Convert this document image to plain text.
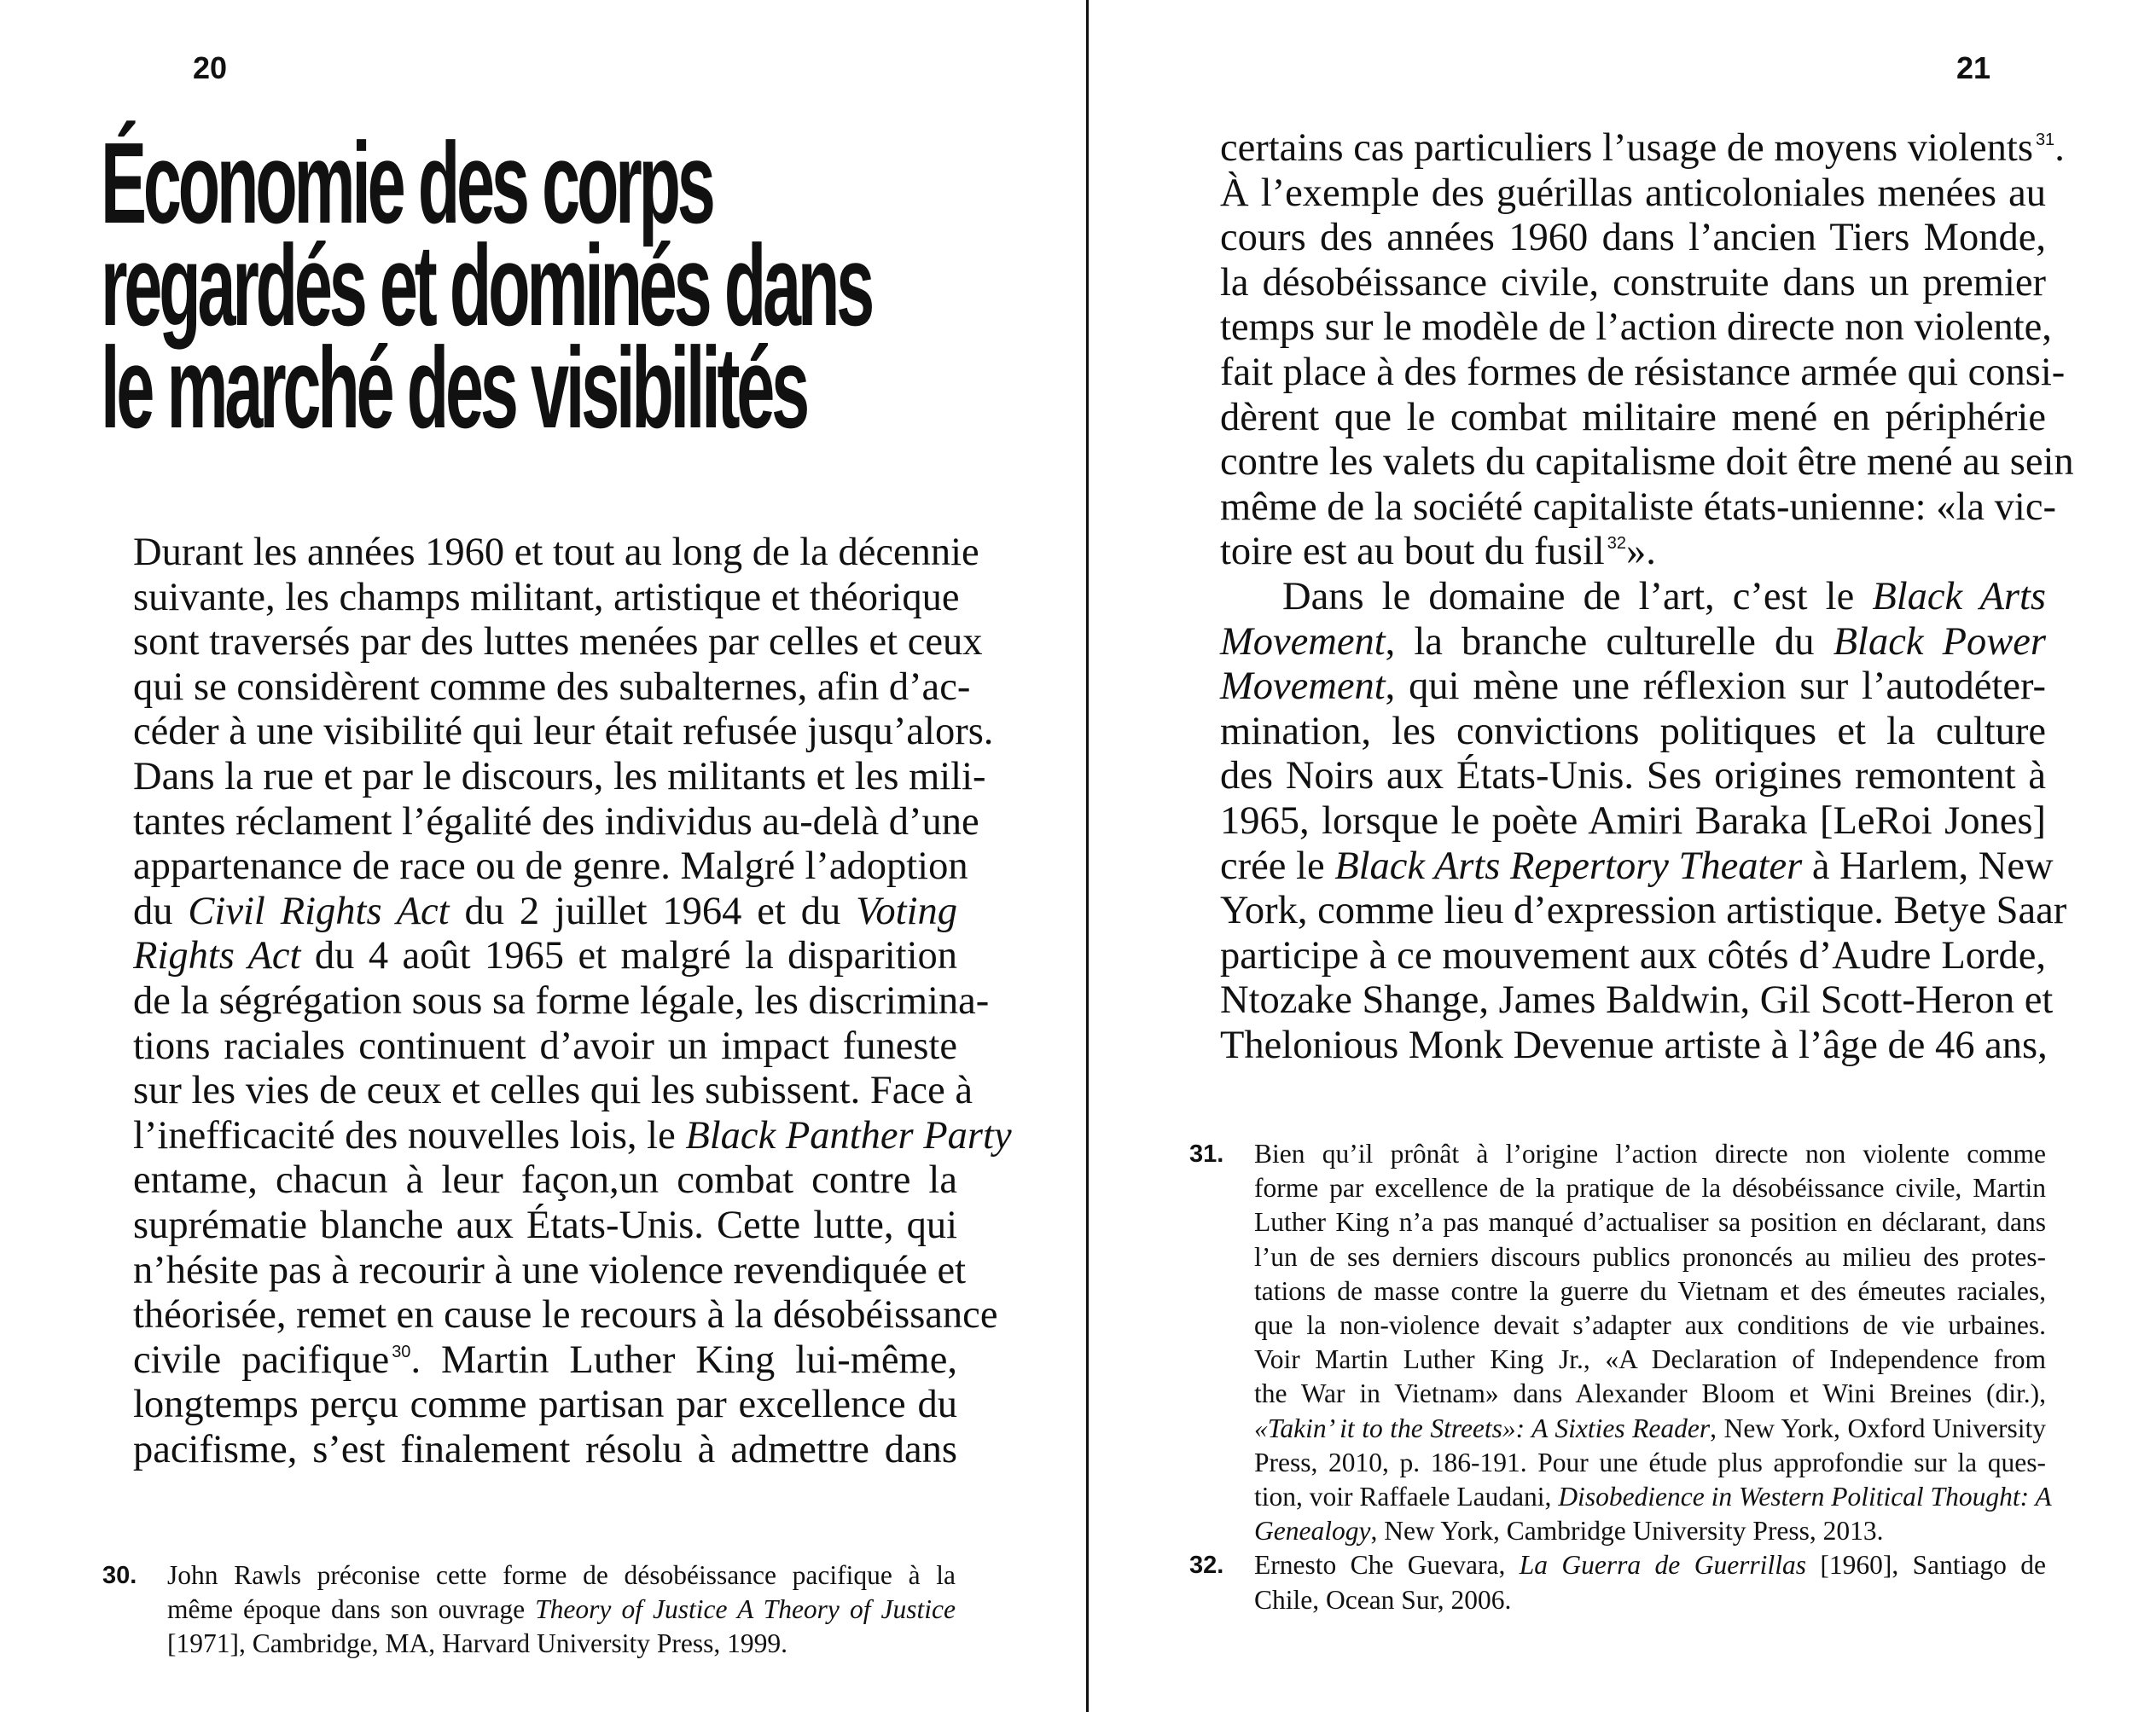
20

Économie des corps
regardés et dominés dans
le marché des visibilités
Durant les années 1960 et tout au long de la décennie
suivante, les champs militant, artistique et théorique
sont traversés par des luttes menées par celles et ceux
qui se considèrent comme des subalternes, afin d’ac-
céder à une visibilité qui leur était refusée jusqu’alors.
Dans la rue et par le discours, les militants et les mili-
tantes réclament l’égalité des individus au-delà d’une
appartenance de race ou de genre. Malgré l’adoption
du Civil Rights Act du 2 juillet 1964 et du Voting
Rights Act du 4 août 1965 et malgré la disparition
de la ségrégation sous sa forme légale, les discrimina-
tions raciales continuent d’avoir un impact funeste
sur les vies de ceux et celles qui les subissent. Face à
l’inefficacité des nouvelles lois, le Black Panther Party
entame, chacun à leur façon,un combat contre la
suprématie blanche aux États-Unis. Cette lutte, qui
n’hésite pas à recourir à une violence revendiquée et
théorisée, remet en cause le recours à la désobéissance
civile pacifique $^{30}$. Martin Luther King lui-même,
longtemps perçu comme partisan par excellence du
pacifisme, s’est finalement résolu à admettre dans
30. John Rawls préconise cette forme de désobéissance pacifique à la
même époque dans son ouvrage Theory of Justice A Theory of Justice
[1971], Cambridge, MA, Harvard University Press, 1999.

21

certains cas particuliers l’usage de moyens violents $^{31}$.
À l’exemple des guérillas anticoloniales menées au
cours des années 1960 dans l’ancien Tiers Monde,
la désobéissance civile, construite dans un premier
temps sur le modèle de l’action directe non violente,
fait place à des formes de résistance armée qui consi-
dèrent que le combat militaire mené en périphérie
contre les valets du capitalisme doit être mené au sein
même de la société capitaliste états-unienne: «la vic-
toire est au bout du fusil $^{32}$».
Dans le domaine de l’art, c’est le Black Arts
Movement, la branche culturelle du Black Power
Movement, qui mène une réflexion sur l’autodéter-
mination, les convictions politiques et la culture
des Noirs aux États-Unis. Ses origines remontent à
1965, lorsque le poète Amiri Baraka [LeRoi Jones]
crée le Black Arts Repertory Theater à Harlem, New
York, comme lieu d’expression artistique. Betye Saar
participe à ce mouvement aux côtés d’Audre Lorde,
Ntozake Shange, James Baldwin, Gil Scott-Heron et
Thelonious Monk Devenue artiste à l’âge de 46 ans,
31. Bien qu’il prônât à l’origine l’action directe non violente comme
forme par excellence de la pratique de la désobéissance civile, Martin
Luther King n’a pas manqué d’actualiser sa position en déclarant, dans
l’un de ses derniers discours publics prononcés au milieu des protes-
tations de masse contre la guerre du Vietnam et des émeutes raciales,
que la non-violence devait s’adapter aux conditions de vie urbaines.
Voir Martin Luther King Jr., «A Declaration of Independence from
the War in Vietnam» dans Alexander Bloom et Wini Breines (dir.),
«Takin’ it to the Streets»: A Sixties Reader, New York, Oxford University
Press, 2010, p. 186-191. Pour une étude plus approfondie sur la ques-
tion, voir Raffaele Laudani, Disobedience in Western Political Thought: A
Genealogy, New York, Cambridge University Press, 2013.
32. Ernesto Che Guevara, La Guerra de Guerrillas [1960], Santiago de
Chile, Ocean Sur, 2006.
